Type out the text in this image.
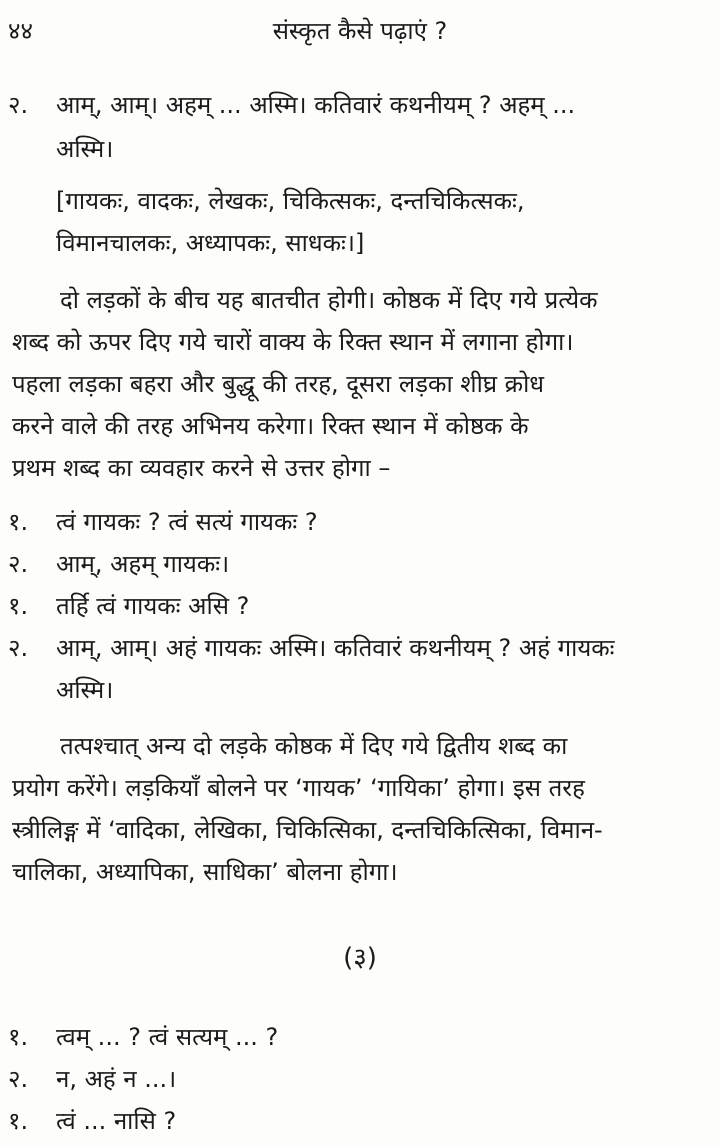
४४	संस्कृत कैसे पढ़ाएं ?
२. आम्, आम्। अहम् ... अस्मि। कतिवारं कथनीयम् ? अहम् ...
अस्मि।
[गायकः, वादकः, लेखकः, चिकित्सकः, दन्तचिकित्सकः,
विमानचालकः, अध्यापकः, साधकः।]
दो लड़कों के बीच यह बातचीत होगी। कोष्ठक में दिए गये प्रत्येक
शब्द को ऊपर दिए गये चारों वाक्य के रिक्त स्थान में लगाना होगा।
पहला लड़का बहरा और बुद्धू की तरह, दूसरा लड़का शीघ्र क्रोध
करने वाले की तरह अभिनय करेगा। रिक्त स्थान में कोष्ठक के
प्रथम शब्द का व्यवहार करने से उत्तर होगा –
१. त्वं गायकः ? त्वं सत्यं गायकः ?
२. आम्, अहम् गायकः।
१. तर्हि त्वं गायकः असि ?
२. आम्, आम्। अहं गायकः अस्मि। कतिवारं कथनीयम् ? अहं गायकः
अस्मि।
तत्पश्चात् अन्य दो लड़के कोष्ठक में दिए गये द्वितीय शब्द का
प्रयोग करेंगे। लड़कियाँ बोलने पर ‘गायक’ ‘गायिका’ होगा। इस तरह
स्त्रीलिङ्ग में ‘वादिका, लेखिका, चिकित्सिका, दन्तचिकित्सिका, विमान-
चालिका, अध्यापिका, साधिका’ बोलना होगा।
(३)
१. त्वम् ... ? त्वं सत्यम् ... ?
२. न, अहं न ...।
१. त्वं ... नासि ?
